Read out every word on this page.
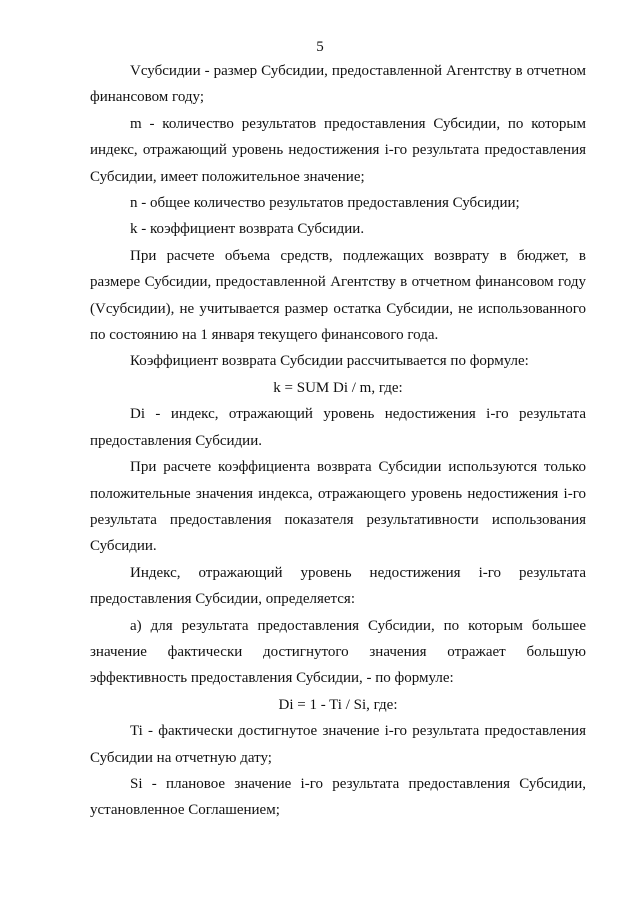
5

Vсубсидии - размер Субсидии, предоставленной Агентству в отчетном финансовом году;

m - количество результатов предоставления Субсидии, по которым индекс, отражающий уровень недостижения i-го результата предоставления Субсидии, имеет положительное значение;

n - общее количество результатов предоставления Субсидии;

k - коэффициент возврата Субсидии.

При расчете объема средств, подлежащих возврату в бюджет, в размере Субсидии, предоставленной Агентству в отчетном финансовом году (Vсубсидии), не учитывается размер остатка Субсидии, не использованного по состоянию на 1 января текущего финансового года.

Коэффициент возврата Субсидии рассчитывается по формуле:

k = SUM Di / m, где:

Di - индекс, отражающий уровень недостижения i-го результата предоставления Субсидии.

При расчете коэффициента возврата Субсидии используются только положительные значения индекса, отражающего уровень недостижения i-го результата предоставления показателя результативности использования Субсидии.

Индекс, отражающий уровень недостижения i-го результата предоставления Субсидии, определяется:

а) для результата предоставления Субсидии, по которым большее значение фактически достигнутого значения отражает большую эффективность предоставления Субсидии, - по формуле:

Di = 1 - Ti / Si, где:

Ti - фактически достигнутое значение i-го результата предоставления Субсидии на отчетную дату;

Si - плановое значение i-го результата предоставления Субсидии, установленное Соглашением;
